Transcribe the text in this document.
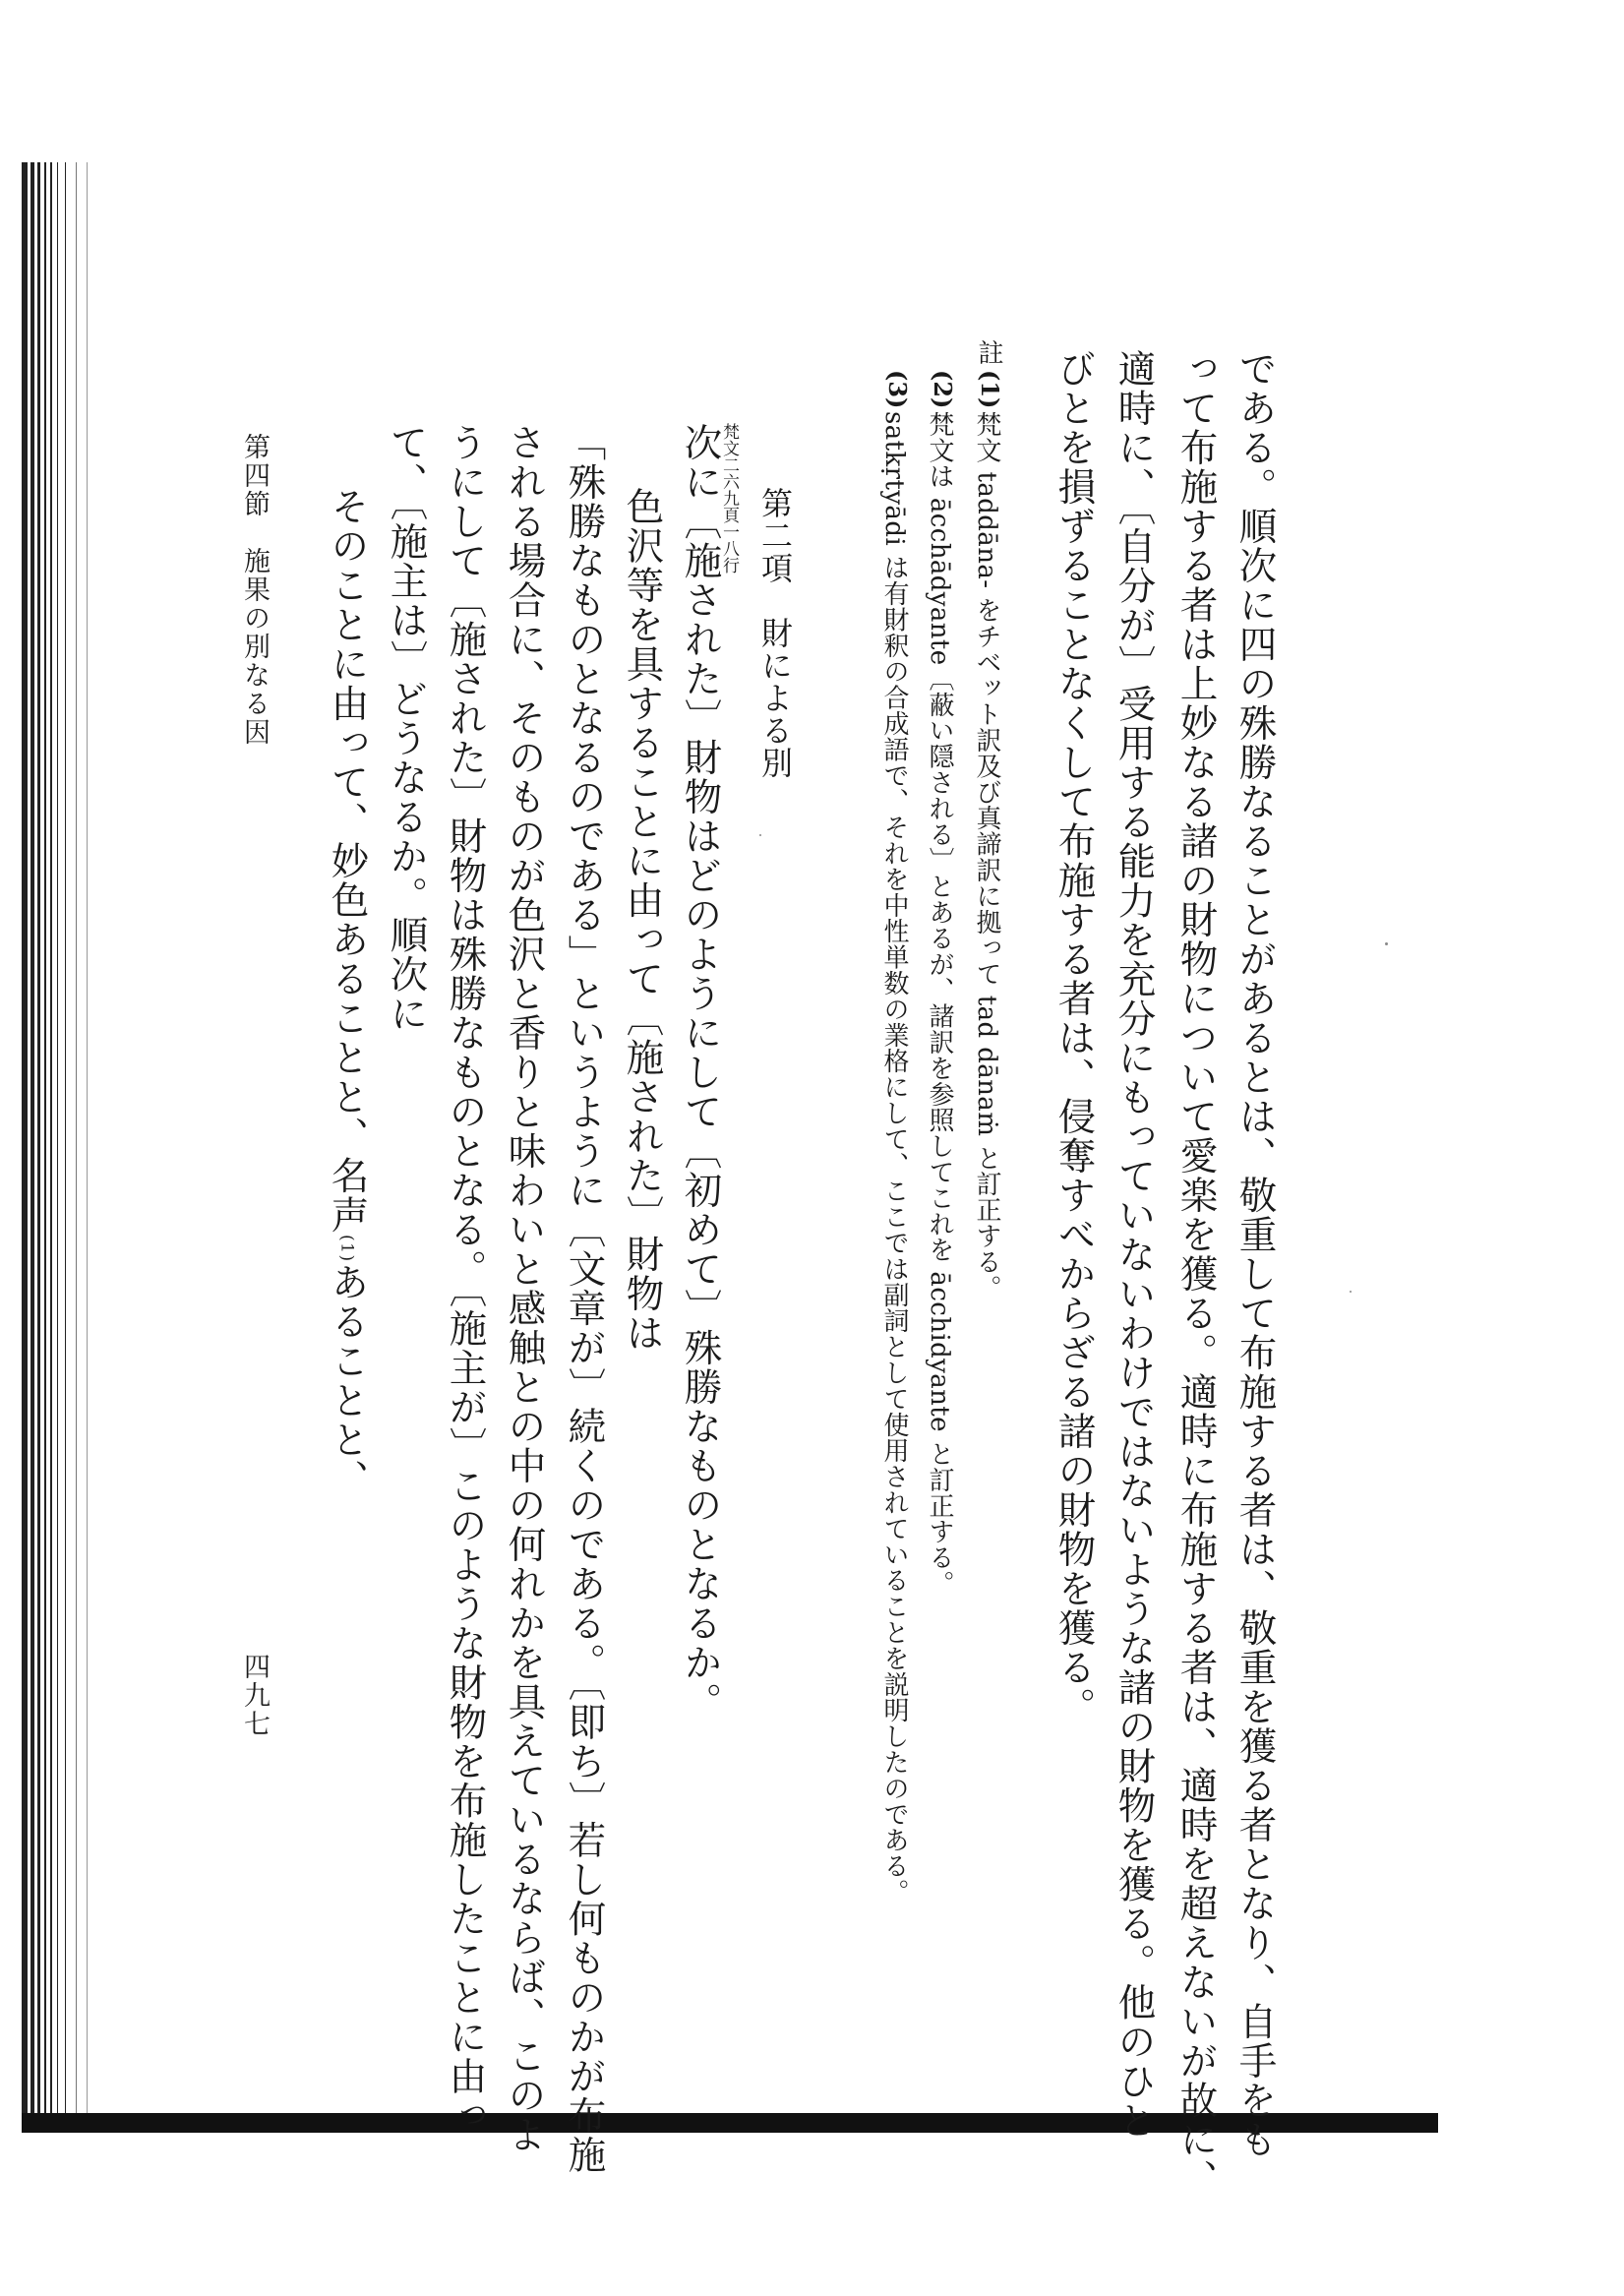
である。順次に四の殊勝なることがあるとは、敬重して布施する者は、敬重を獲る者となり、自手をも
って布施する者は上妙なる諸の財物について愛楽を獲る。適時に布施する者は、適時を超えないが故に、
適時に、〔自分が〕受用する能力を充分にもっていないわけではないような諸の財物を獲る。他のひと
びとを損ずることなくして布施する者は、侵奪すべからざる諸の財物を獲る。
註
(1)
梵文 taddāna- をチベット訳及び真諦訳に拠って tad dānaṁ と訂正する。
(2)
梵文は ācchādyante〔蔽い隠される〕とあるが、諸訳を参照してこれを ācchidyante と訂正する。
(3)
satkṛtyādi は有財釈の合成語で、それを中性単数の業格にして、ここでは副詞として使用されていることを説明したのである。
第二項　財による別
梵文二六九頁一八行
次に〔施された〕財物はどのようにして〔初めて〕殊勝なものとなるか。
色沢等を具することに由って〔施された〕財物は
「殊勝なものとなるのである」というように〔文章が〕続くのである。〔即ち〕若し何ものかが布施
される場合に、そのものが色沢と香りと味わいと感触との中の何れかを具えているならば、このよ
うにして〔施された〕財物は殊勝なものとなる。〔施主が〕このような財物を布施したことに由っ
て、〔施主は〕どうなるか。順次に
そのことに由って、妙色あることと、名声(1)あることと、
第四節　施果の別なる因
四九七
